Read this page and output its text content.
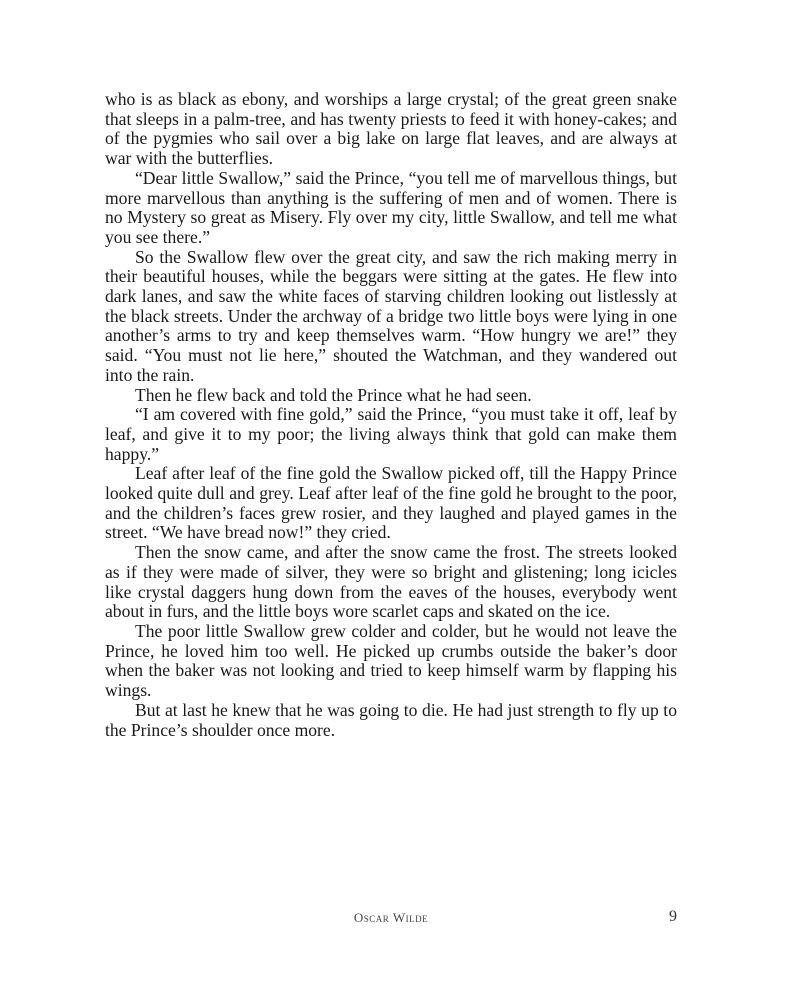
who is as black as ebony, and worships a large crystal; of the great green snake that sleeps in a palm-tree, and has twenty priests to feed it with honey-cakes; and of the pygmies who sail over a big lake on large flat leaves, and are always at war with the butterflies.

“Dear little Swallow,” said the Prince, “you tell me of marvellous things, but more marvellous than anything is the suffering of men and of women. There is no Mystery so great as Misery. Fly over my city, little Swallow, and tell me what you see there.”

So the Swallow flew over the great city, and saw the rich making merry in their beautiful houses, while the beggars were sitting at the gates. He flew into dark lanes, and saw the white faces of starving children looking out listlessly at the black streets. Under the archway of a bridge two little boys were lying in one another’s arms to try and keep themselves warm. “How hungry we are!” they said. “You must not lie here,” shouted the Watchman, and they wandered out into the rain.

Then he flew back and told the Prince what he had seen.

“I am covered with fine gold,” said the Prince, “you must take it off, leaf by leaf, and give it to my poor; the living always think that gold can make them happy.”

Leaf after leaf of the fine gold the Swallow picked off, till the Happy Prince looked quite dull and grey. Leaf after leaf of the fine gold he brought to the poor, and the children’s faces grew rosier, and they laughed and played games in the street. “We have bread now!” they cried.

Then the snow came, and after the snow came the frost. The streets looked as if they were made of silver, they were so bright and glistening; long icicles like crystal daggers hung down from the eaves of the houses, everybody went about in furs, and the little boys wore scarlet caps and skated on the ice.

The poor little Swallow grew colder and colder, but he would not leave the Prince, he loved him too well. He picked up crumbs outside the baker’s door when the baker was not looking and tried to keep himself warm by flapping his wings.

But at last he knew that he was going to die. He had just strength to fly up to the Prince’s shoulder once more.

Oscar Wilde	9
